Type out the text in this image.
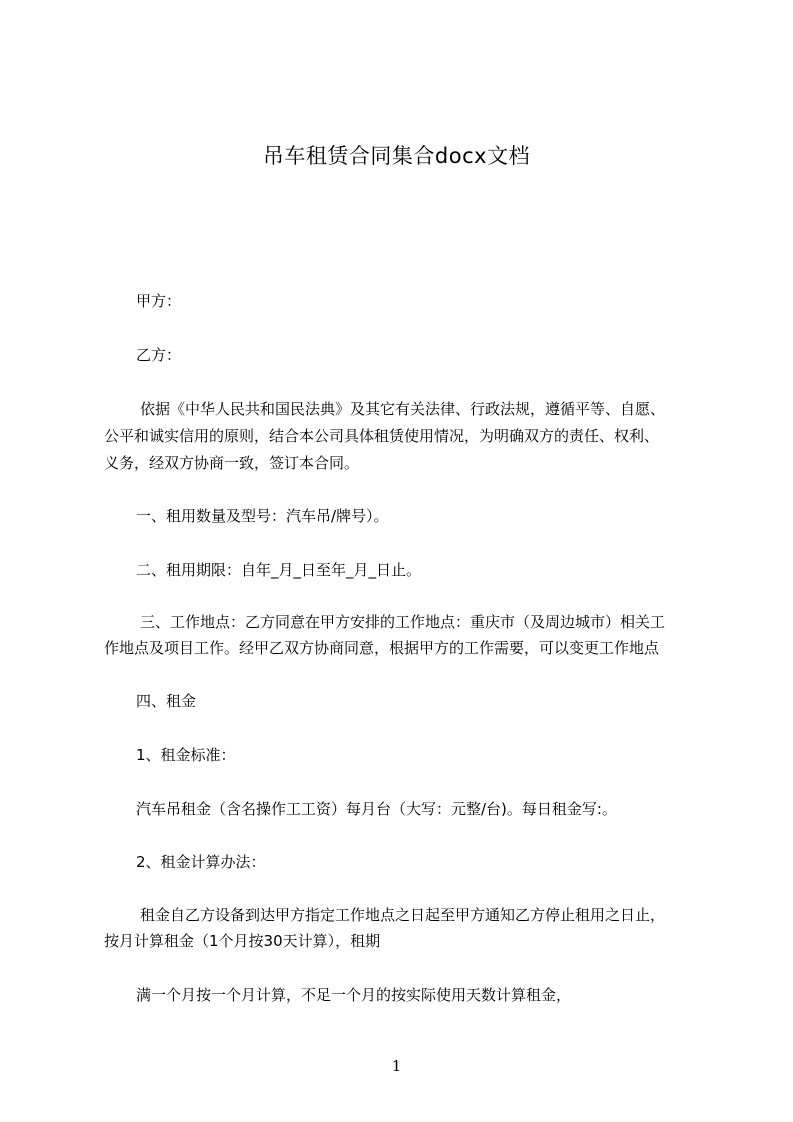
吊车租赁合同集合docx文档
甲方：
乙方：
依据《中华人民共和国民法典》及其它有关法律、行政法规，遵循平等、自愿、
公平和诚实信用的原则，结合本公司具体租赁使用情况，为明确双方的责任、权利、
义务，经双方协商一致，签订本合同。
一、租用数量及型号：汽车吊/牌号）。
二、租用期限：自年_月_日至年_月_日止。
三、工作地点：乙方同意在甲方安排的工作地点：重庆市（及周边城市）相关工
作地点及项目工作。经甲乙双方协商同意，根据甲方的工作需要，可以变更工作地点
四、租金
1、租金标准：
汽车吊租金（含名操作工工资）每月台（大写：元整/台)。每日租金写:。
2、租金计算办法：
租金自乙方设备到达甲方指定工作地点之日起至甲方通知乙方停止租用之日止，
按月计算租金（1个月按30天计算），租期
满一个月按一个月计算，不足一个月的按实际使用天数计算租金，
1
